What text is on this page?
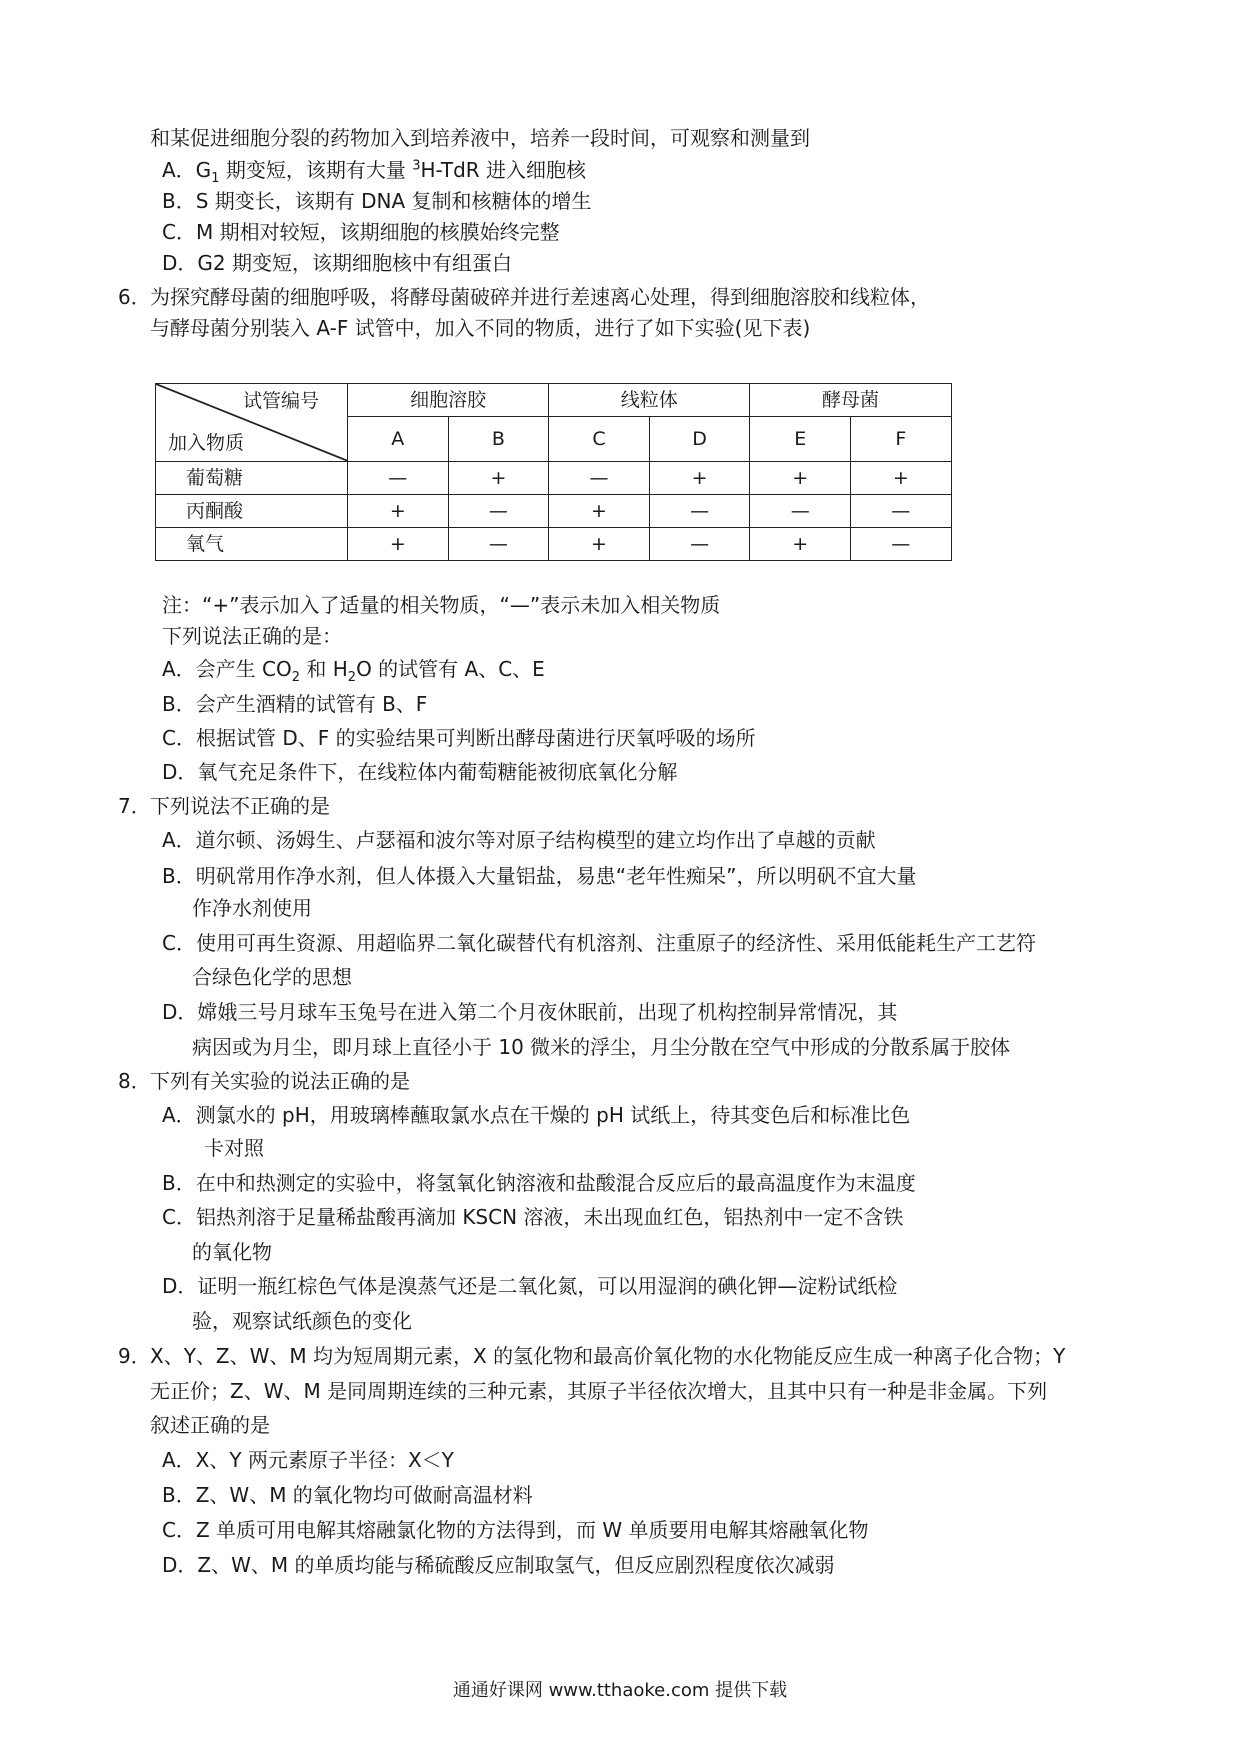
和某促进细胞分裂的药物加入到培养液中，培养一段时间，可观察和测量到
A．$G_1$ 期变短，该期有大量 $^3$H-TdR 进入细胞核
B．S 期变长，该期有 DNA 复制和核糖体的增生
C．M 期相对较短，该期细胞的核膜始终完整
D．G2 期变短，该期细胞核中有组蛋白
6． 为探究酵母菌的细胞呼吸，将酵母菌破碎并进行差速离心处理，得到细胞溶胶和线粒体，
与酵母菌分别装入 A-F 试管中，加入不同的物质，进行了如下实验(见下表)
试管编号
加入物质	细胞溶胶		线粒体		酵母菌	
	A	B	C	D	E	F
葡萄糖	—	+	—	+	+	+
丙酮酸	+	—	+	—	—	—
氧气	+	—	+	—	+	—
注：“+”表示加入了适量的相关物质，“—”表示未加入相关物质
下列说法正确的是：
A．会产生 $CO_2$ 和 $H_2O$ 的试管有 A、C、E
B．会产生酒精的试管有 B、F
C．根据试管 D、F 的实验结果可判断出酵母菌进行厌氧呼吸的场所
D．氧气充足条件下，在线粒体内葡萄糖能被彻底氧化分解
7． 下列说法不正确的是
A．道尔顿、汤姆生、卢瑟福和波尔等对原子结构模型的建立均作出了卓越的贡献
B．明矾常用作净水剂，但人体摄入大量铝盐，易患“老年性痴呆”，所以明矾不宜大量
作净水剂使用
C．使用可再生资源、用超临界二氧化碳替代有机溶剂、注重原子的经济性、采用低能耗生产工艺符
合绿色化学的思想
D．嫦娥三号月球车玉兔号在进入第二个月夜休眠前，出现了机构控制异常情况，其
病因或为月尘，即月球上直径小于 10 微米的浮尘，月尘分散在空气中形成的分散系属于胶体
8． 下列有关实验的说法正确的是
A．测氯水的 pH，用玻璃棒蘸取氯水点在干燥的 pH 试纸上，待其变色后和标准比色
卡对照
B．在中和热测定的实验中，将氢氧化钠溶液和盐酸混合反应后的最高温度作为末温度
C．铝热剂溶于足量稀盐酸再滴加 KSCN 溶液，未出现血红色，铝热剂中一定不含铁
的氧化物
D．证明一瓶红棕色气体是溴蒸气还是二氧化氮，可以用湿润的碘化钾—淀粉试纸检
验，观察试纸颜色的变化
9． X、Y、Z、W、M 均为短周期元素，X 的氢化物和最高价氧化物的水化物能反应生成一种离子化合物；Y
无正价；Z、W、M 是同周期连续的三种元素，其原子半径依次增大，且其中只有一种是非金属。下列
叙述正确的是
A．X、Y 两元素原子半径：X＜Y
B．Z、W、M 的氧化物均可做耐高温材料
C．Z 单质可用电解其熔融氯化物的方法得到，而 W 单质要用电解其熔融氧化物
D．Z、W、M 的单质均能与稀硫酸反应制取氢气，但反应剧烈程度依次减弱
通通好课网 www.tthaoke.com 提供下载
